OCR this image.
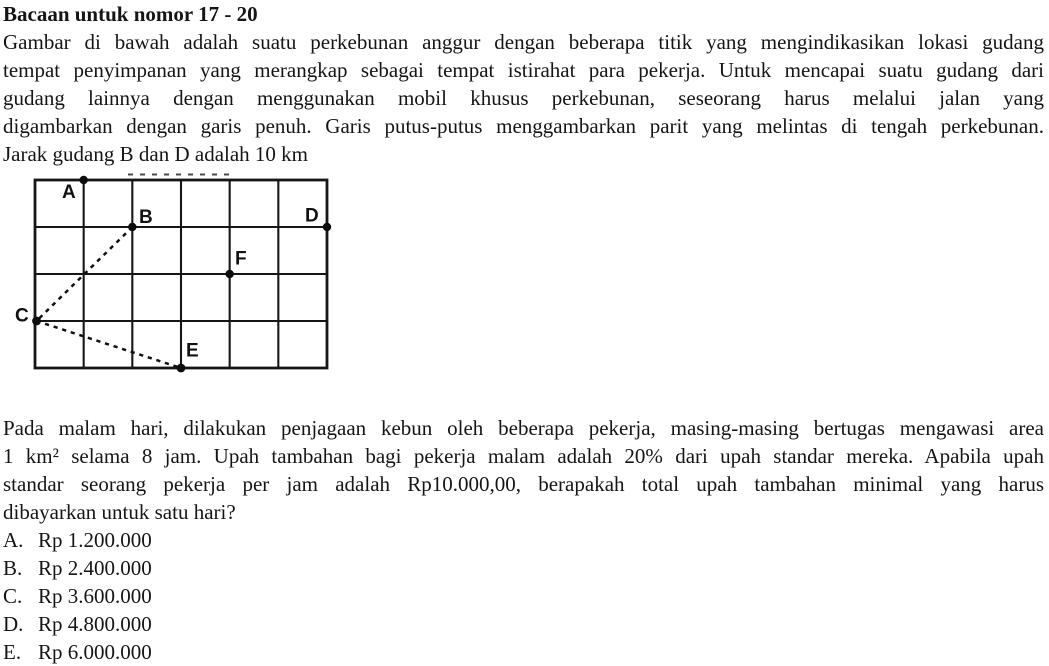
Bacaan untuk nomor 17 - 20
Gambar di bawah adalah suatu perkebunan anggur dengan beberapa titik yang mengindikasikan lokasi gudang
tempat penyimpanan yang merangkap sebagai tempat istirahat para pekerja. Untuk mencapai suatu gudang dari
gudang lainnya dengan menggunakan mobil khusus perkebunan, seseorang harus melalui jalan yang
digambarkan dengan garis penuh. Garis putus-putus menggambarkan parit yang melintas di tengah perkebunan.
Jarak gudang B dan D adalah 10 km
A
B
C
D
E
F
Pada malam hari, dilakukan penjagaan kebun oleh beberapa pekerja, masing-masing bertugas mengawasi area
1 km² selama 8 jam. Upah tambahan bagi pekerja malam adalah 20% dari upah standar mereka. Apabila upah
standar seorang pekerja per jam adalah Rp10.000,00, berapakah total upah tambahan minimal yang harus
dibayarkan untuk satu hari?
A. Rp 1.200.000
B. Rp 2.400.000
C. Rp 3.600.000
D. Rp 4.800.000
E. Rp 6.000.000
